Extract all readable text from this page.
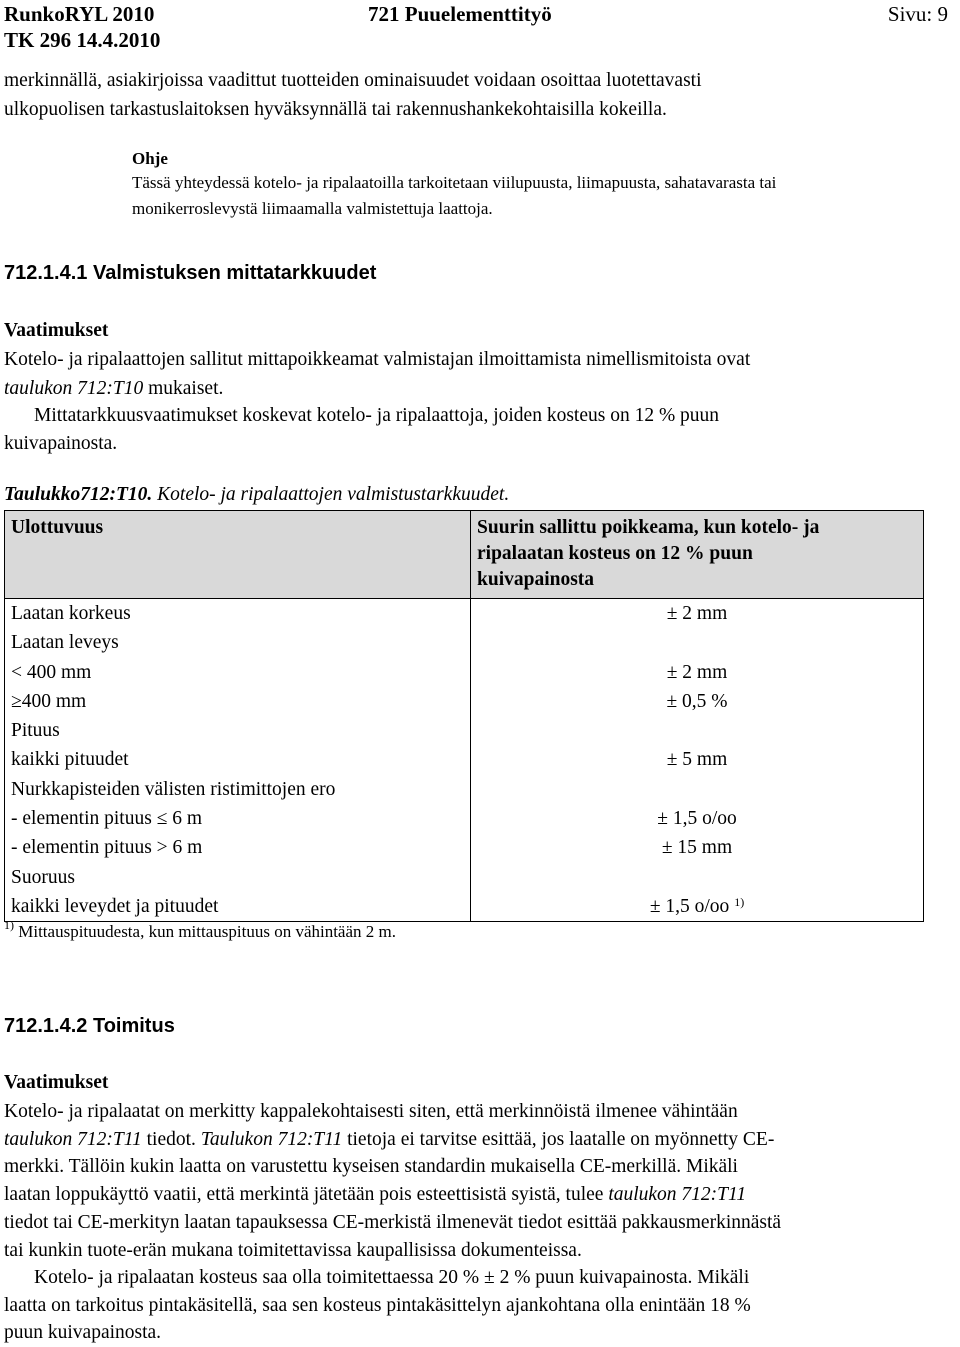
RunkoRYL 2010
TK 296 14.4.2010
721 Puuelementtityö	Sivu: 9
merkinnällä, asiakirjoissa vaadittut tuotteiden ominaisuudet voidaan osoittaa luotettavasti
ulkopuolisen tarkastuslaitoksen hyväksynnällä tai rakennushankekohtaisilla kokeilla.
Ohje
Tässä yhteydessä kotelo- ja ripalaatoilla tarkoitetaan viilupuusta, liimapuusta, sahatavarasta tai
monikerroslevystä liimaamalla valmistettuja laattoja.
712.1.4.1 Valmistuksen mittatarkkuudet
Vaatimukset
Kotelo- ja ripalaattojen sallitut mittapoikkeamat valmistajan ilmoittamista nimellismitoista ovat
taulukon 712:T10 mukaiset.
Mittatarkkuusvaatimukset koskevat kotelo- ja ripalaattoja, joiden kosteus on 12 % puun
kuivapainosta.
Taulukko712:T10. Kotelo- ja ripalaattojen valmistustarkkuudet.
Ulottuvuus	Suurin sallittu poikkeama, kun kotelo- ja
ripalaatan kosteus on 12 % puun
kuivapainosta

Laatan korkeus	± 2 mm
Laatan leveys	
< 400 mm	± 2 mm
≥400 mm	± 0,5 %
Pituus	
kaikki pituudet	± 5 mm
Nurkkapisteiden välisten ristimittojen ero	
- elementin pituus ≤ 6 m	± 1,5 o/oo
- elementin pituus > 6 m	± 15 mm
Suoruus	
kaikki leveydet ja pituudet	± 1,5 o/oo $^{1)}$
$^{1)}$ Mittauspituudesta, kun mittauspituus on vähintään 2 m.
712.1.4.2 Toimitus
Vaatimukset
Kotelo- ja ripalaatat on merkitty kappalekohtaisesti siten, että merkinnöistä ilmenee vähintään
taulukon 712:T11 tiedot. Taulukon 712:T11 tietoja ei tarvitse esittää, jos laatalle on myönnetty CE-
merkki. Tällöin kukin laatta on varustettu kyseisen standardin mukaisella CE-merkillä. Mikäli
laatan loppukäyttö vaatii, että merkintä jätetään pois esteettisistä syistä, tulee taulukon 712:T11
tiedot tai CE-merkityn laatan tapauksessa CE-merkistä ilmenevät tiedot esittää pakkausmerkinnästä
tai kunkin tuote-erän mukana toimitettavissa kaupallisissa dokumenteissa.
Kotelo- ja ripalaatan kosteus saa olla toimitettaessa 20 % ± 2 % puun kuivapainosta. Mikäli
laatta on tarkoitus pintakäsitellä, saa sen kosteus pintakäsittelyn ajankohtana olla enintään 18 %
puun kuivapainosta.
